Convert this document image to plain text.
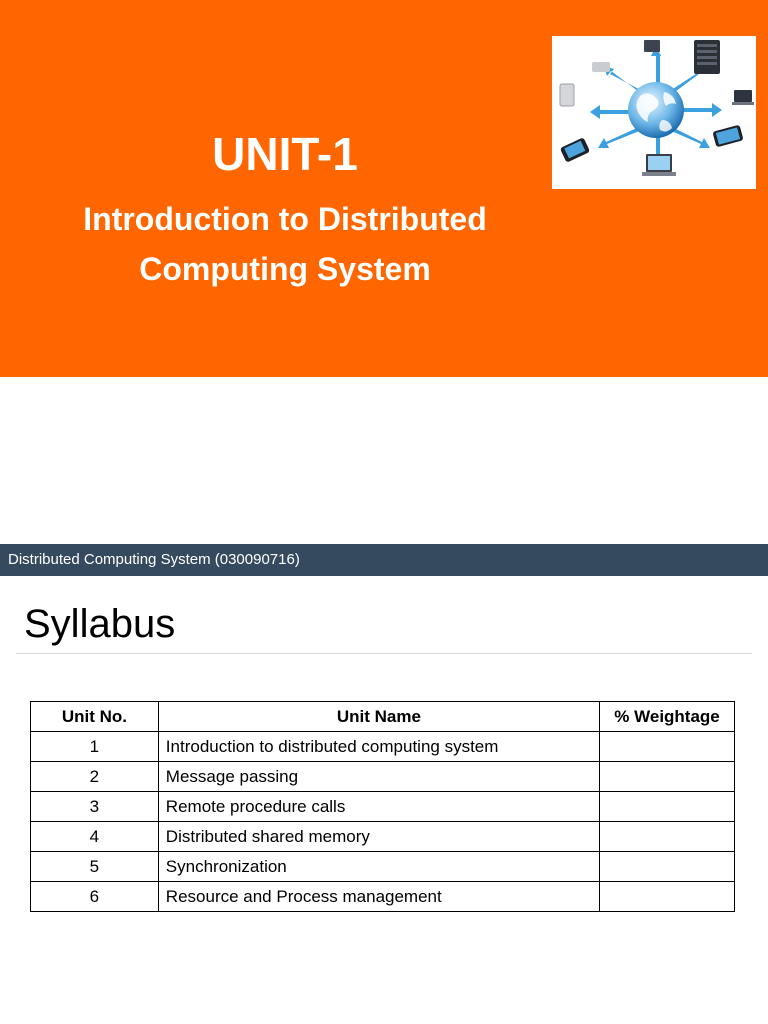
UNIT-1

Introduction to Distributed
Computing System

Distributed Computing System (030090716)
Syllabus
Unit No.	Unit Name	% Weightage
1	Introduction to distributed computing system	
2	Message passing	
3	Remote procedure calls	
4	Distributed shared memory	
5	Synchronization	
6	Resource and Process management	
